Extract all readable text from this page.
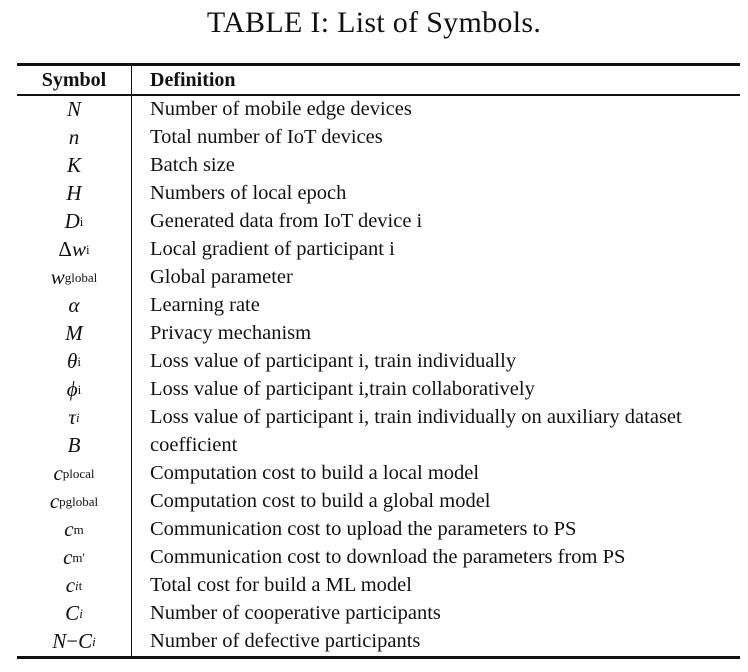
TABLE I: List of Symbols.
Symbol	Definition
N	Number of mobile edge devices
n	Total number of IoT devices
K	Batch size
H	Numbers of local epoch
D i	Generated data from IoT device i
Δ w i	Local gradient of participant i
w global	Global parameter
α	Learning rate
M	Privacy mechanism
θ i	Loss value of participant i, train individually
ϕ i	Loss value of participant i,train collaboratively
τ i	Loss value of participant i, train individually on auxiliary dataset
B	coefficient
c plocal	Computation cost to build a local model
c pglobal	Computation cost to build a global model
c m	Communication cost to upload the parameters to PS
c m'	Communication cost to download the parameters from PS
c i t	Total cost for build a ML model
C i	Number of cooperative participants
N − C i	Number of defective participants
